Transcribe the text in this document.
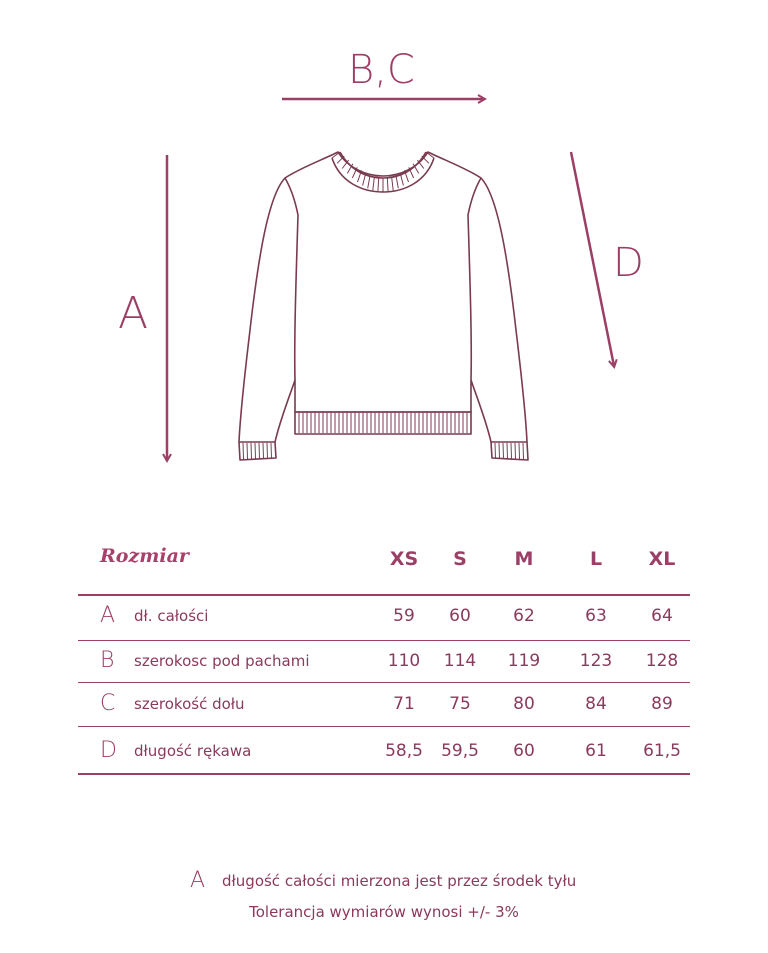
B,C
A
D
Rozmiar	XS	S	M	L	XL
A	dł. całości	59	60	62	63	64
B	szerokosc pod pachami	110	114	119	123	128
C	szerokość dołu	71	75	80	84	89
D	długość rękawa	58,5	59,5	60	61	61,5
A długość całości mierzona jest przez środek tyłu
Tolerancja wymiarów wynosi +/- 3%
